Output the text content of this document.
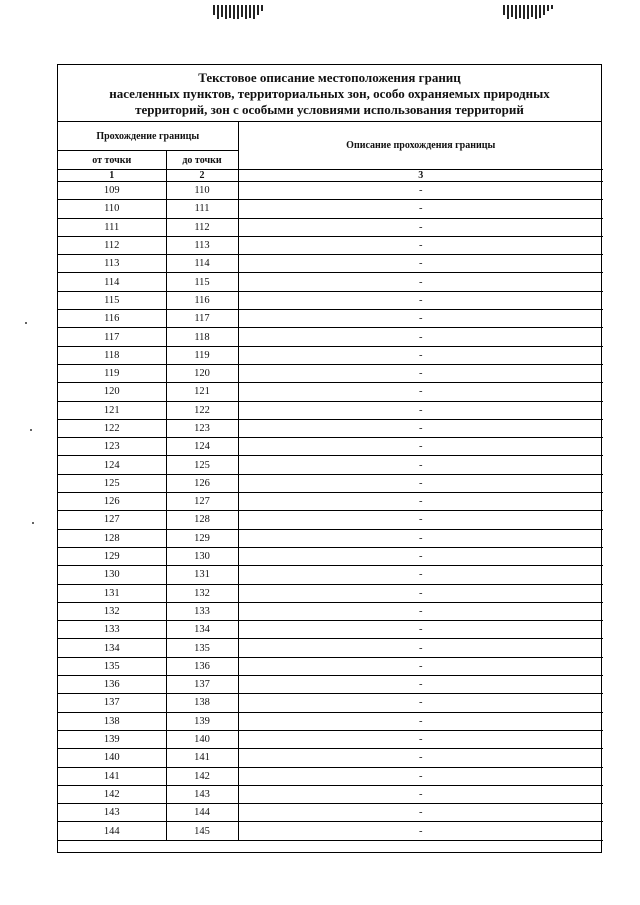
Текстовое описание местоположения границ
населенных пунктов, территориальных зон, особо охраняемых природных
территорий, зон с особыми условиями использования территорий
Прохождение границы		Описание прохождения границы
от точки	до точки	
1	2	3
109	110	-
110	111	-
111	112	-
112	113	-
113	114	-
114	115	-
115	116	-
116	117	-
117	118	-
118	119	-
119	120	-
120	121	-
121	122	-
122	123	-
123	124	-
124	125	-
125	126	-
126	127	-
127	128	-
128	129	-
129	130	-
130	131	-
131	132	-
132	133	-
133	134	-
134	135	-
135	136	-
136	137	-
137	138	-
138	139	-
139	140	-
140	141	-
141	142	-
142	143	-
143	144	-
144	145	-
